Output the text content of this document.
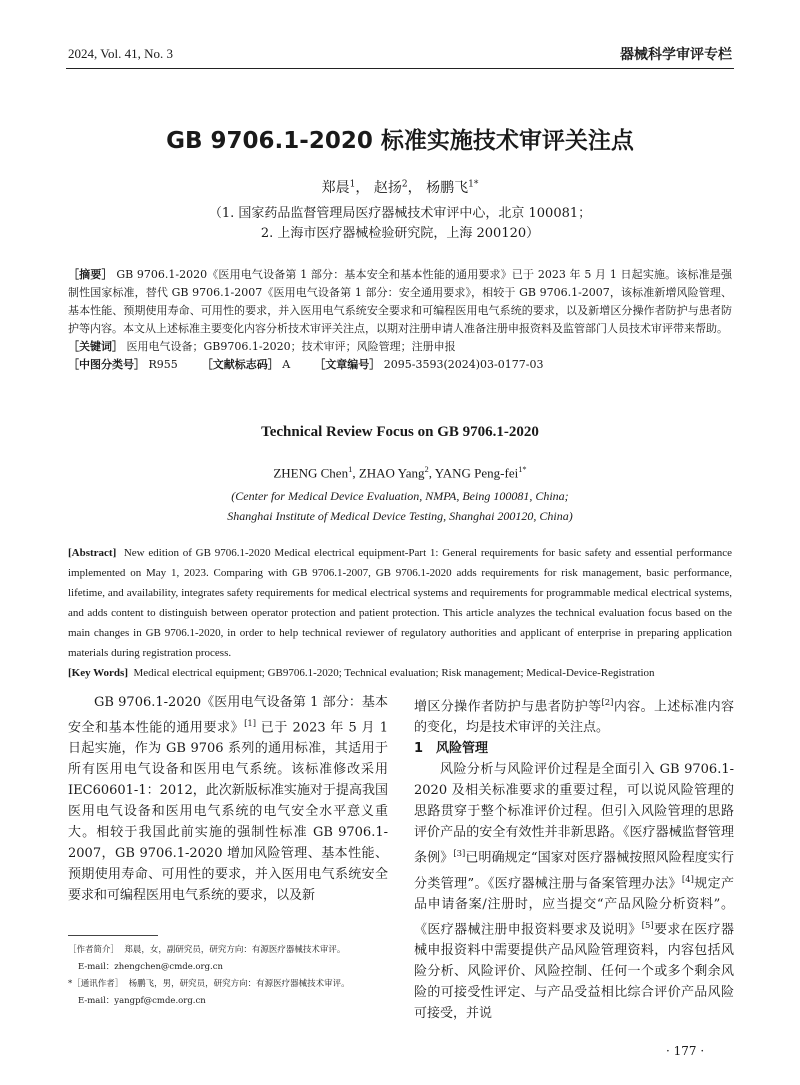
2024, Vol. 41, No. 3	器械科学审评专栏
GB 9706.1-2020 标准实施技术审评关注点
郑晨$^1$， 赵扬$^2$， 杨鹏飞$^{1*}$
（1. 国家药品监督管理局医疗器械技术审评中心，北京 100081；
2. 上海市医疗器械检验研究院，上海 200120）
［摘要］ GB 9706.1-2020《医用电气设备第 1 部分：基本安全和基本性能的通用要求》已于 2023 年 5 月 1 日起实施。该标准是强制性国家标准，替代 GB 9706.1-2007《医用电气设备第 1 部分：安全通用要求》，相较于 GB 9706.1-2007，该标准新增风险管理、基本性能、预期使用寿命、可用性的要求，并入医用电气系统安全要求和可编程医用电气系统的要求，以及新增区分操作者防护与患者防护等内容。本文从上述标准主要变化内容分析技术审评关注点，以期对注册申请人准备注册申报资料及监管部门人员技术审评带来帮助。
［关键词］ 医用电气设备；GB9706.1-2020；技术审评；风险管理；注册申报
［中图分类号］ R955 ［文献标志码］ A ［文章编号］ 2095-3593(2024)03-0177-03
Technical Review Focus on GB 9706.1-2020
ZHENG Chen$^1$, ZHAO Yang$^2$, YANG Peng-fei$^{1*}$
(Center for Medical Device Evaluation, NMPA, Being 100081, China;
Shanghai Institute of Medical Device Testing, Shanghai 200120, China)
[Abstract] New edition of GB 9706.1-2020 Medical electrical equipment-Part 1: General requirements for basic safety and essential performance implemented on May 1, 2023. Comparing with GB 9706.1-2007, GB 9706.1-2020 adds requirements for risk management, basic performance, lifetime, and availability, integrates safety requirements for medical electrical systems and requirements for programmable medical electrical systems, and adds content to distinguish between operator protection and patient protection. This article analyzes the technical evaluation focus based on the main changes in GB 9706.1-2020, in order to help technical reviewer of regulatory authorities and applicant of enterprise in preparing application materials during registration process.
[Key Words] Medical electrical equipment; GB9706.1-2020; Technical evaluation; Risk management; Medical-Device-Registration

GB 9706.1-2020《医用电气设备第 1 部分：基本安全和基本性能的通用要求》[1] 已于 2023 年 5 月 1 日起实施，作为 GB 9706 系列的通用标准，其适用于所有医用电气设备和医用电气系统。该标准修改采用 IEC60601-1：2012，此次新版标准实施对于提高我国医用电气设备和医用电气系统的电气安全水平意义重大。相较于我国此前实施的强制性标准 GB 9706.1-2007，GB 9706.1-2020 增加风险管理、基本性能、预期使用寿命、可用性的要求，并入医用电气系统安全要求和可编程医用电气系统的要求，以及新

增区分操作者防护与患者防护等[2]内容。上述标准内容的变化，均是技术审评的关注点。

1　风险管理

风险分析与风险评价过程是全面引入 GB 9706.1-2020 及相关标准要求的重要过程，可以说风险管理的思路贯穿于整个标准评价过程。但引入风险管理的思路评价产品的安全有效性并非新思路。《医疗器械监督管理条例》[3]已明确规定“国家对医疗器械按照风险程度实行分类管理”。《医疗器械注册与备案管理办法》[4]规定产品申请备案/注册时，应当提交“产品风险分析资料”。《医疗器械注册申报资料要求及说明》[5]要求在医疗器械申报资料中需要提供产品风险管理资料，内容包括风险分析、风险评价、风险控制、任何一个或多个剩余风险的可接受性评定、与产品受益相比综合评价产品风险可接受，并说

［作者简介］ 郑晨，女，副研究员，研究方向：有源医疗器械技术审评。
E-mail：zhengchen@cmde.org.cn
*［通讯作者］ 杨鹏飞，男，研究员，研究方向：有源医疗器械技术审评。
E-mail：yangpf@cmde.org.cn
· 177 ·
